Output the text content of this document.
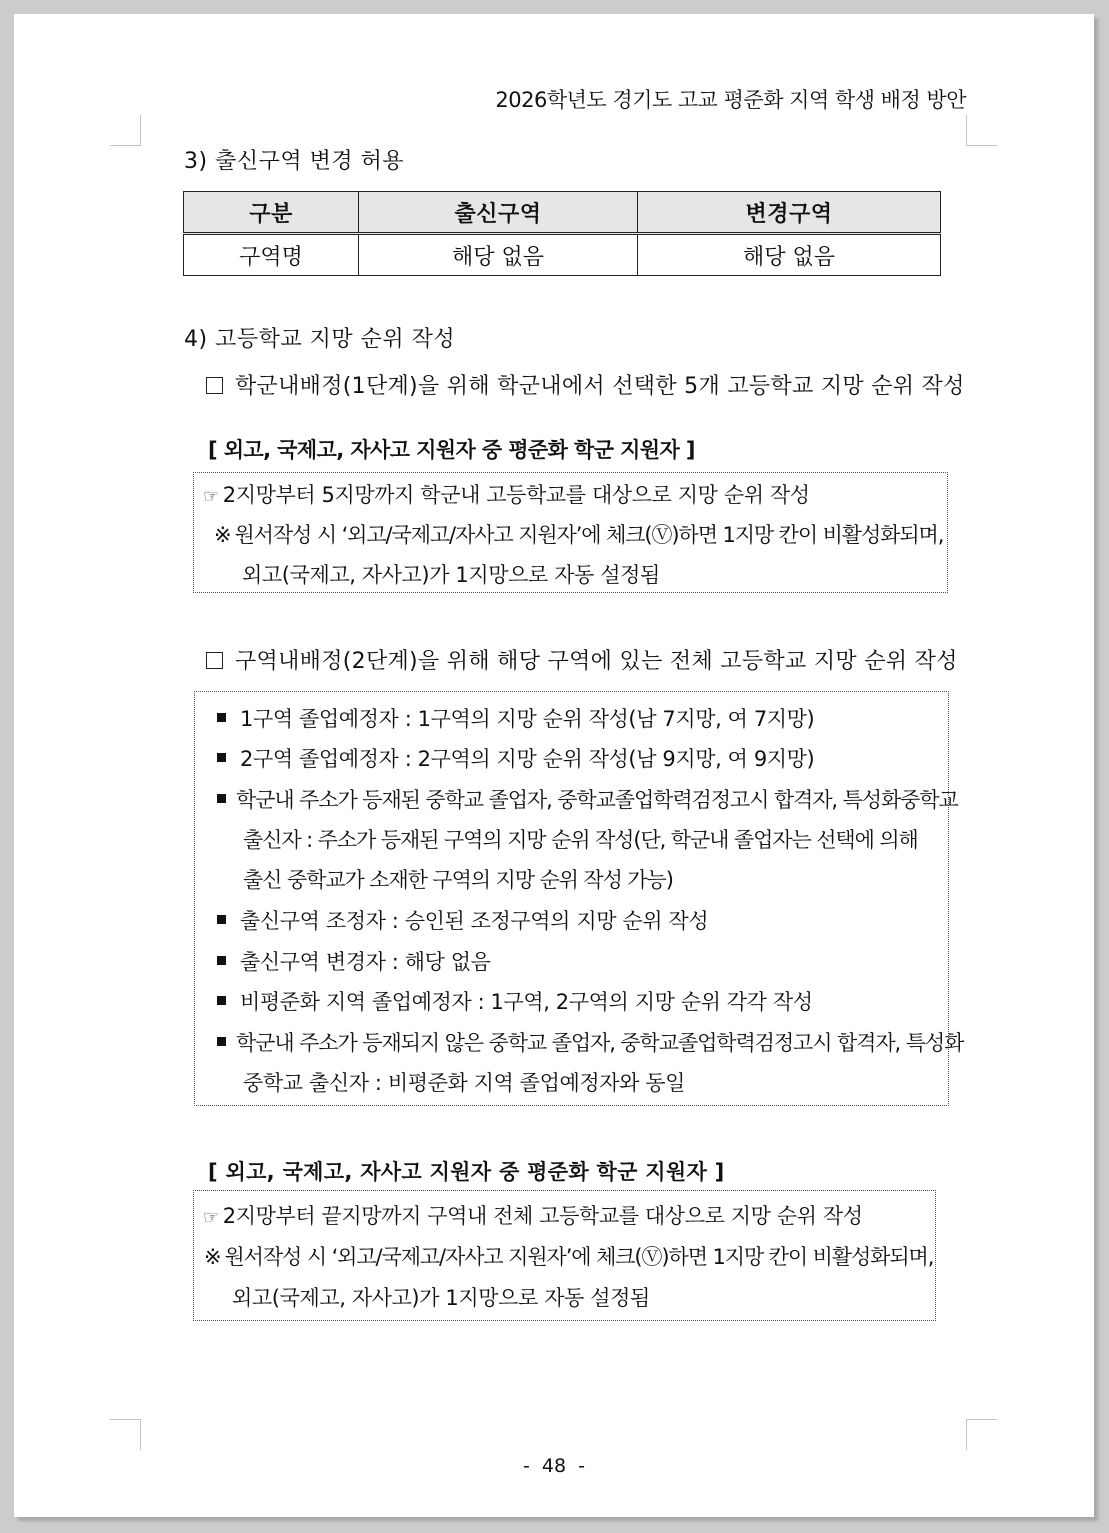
2026학년도 경기도 고교 평준화 지역 학생 배정 방안
3) 출신구역 변경 허용
구분	출신구역	변경구역
구역명	해당 없음	해당 없음
4) 고등학교 지망 순위 작성
학군내배정(1단계)을 위해 학군내에서 선택한 5개 고등학교 지망 순위 작성
[ 외고, 국제고, 자사고 지원자 중 평준화 학군 지원자 ]
☞ 2지망부터 5지망까지 학군내 고등학교를 대상으로 지망 순위 작성
※ 원서작성 시 ‘외고/국제고/자사고 지원자’에 체크(Ⓥ)하면 1지망 칸이 비활성화되며,
외고(국제고, 자사고)가 1지망으로 자동 설정됨
구역내배정(2단계)을 위해 해당 구역에 있는 전체 고등학교 지망 순위 작성
1구역 졸업예정자 : 1구역의 지망 순위 작성(남 7지망, 여 7지망)
2구역 졸업예정자 : 2구역의 지망 순위 작성(남 9지망, 여 9지망)
학군내 주소가 등재된 중학교 졸업자, 중학교졸업학력검정고시 합격자, 특성화중학교
출신자 : 주소가 등재된 구역의 지망 순위 작성(단, 학군내 졸업자는 선택에 의해
출신 중학교가 소재한 구역의 지망 순위 작성 가능)
출신구역 조정자 : 승인된 조정구역의 지망 순위 작성
출신구역 변경자 : 해당 없음
비평준화 지역 졸업예정자 : 1구역, 2구역의 지망 순위 각각 작성
학군내 주소가 등재되지 않은 중학교 졸업자, 중학교졸업학력검정고시 합격자, 특성화
중학교 출신자 : 비평준화 지역 졸업예정자와 동일
[ 외고, 국제고, 자사고 지원자 중 평준화 학군 지원자 ]
☞ 2지망부터 끝지망까지 구역내 전체 고등학교를 대상으로 지망 순위 작성
※ 원서작성 시 ‘외고/국제고/자사고 지원자’에 체크(Ⓥ)하면 1지망 칸이 비활성화되며,
외고(국제고, 자사고)가 1지망으로 자동 설정됨
- 48 -
